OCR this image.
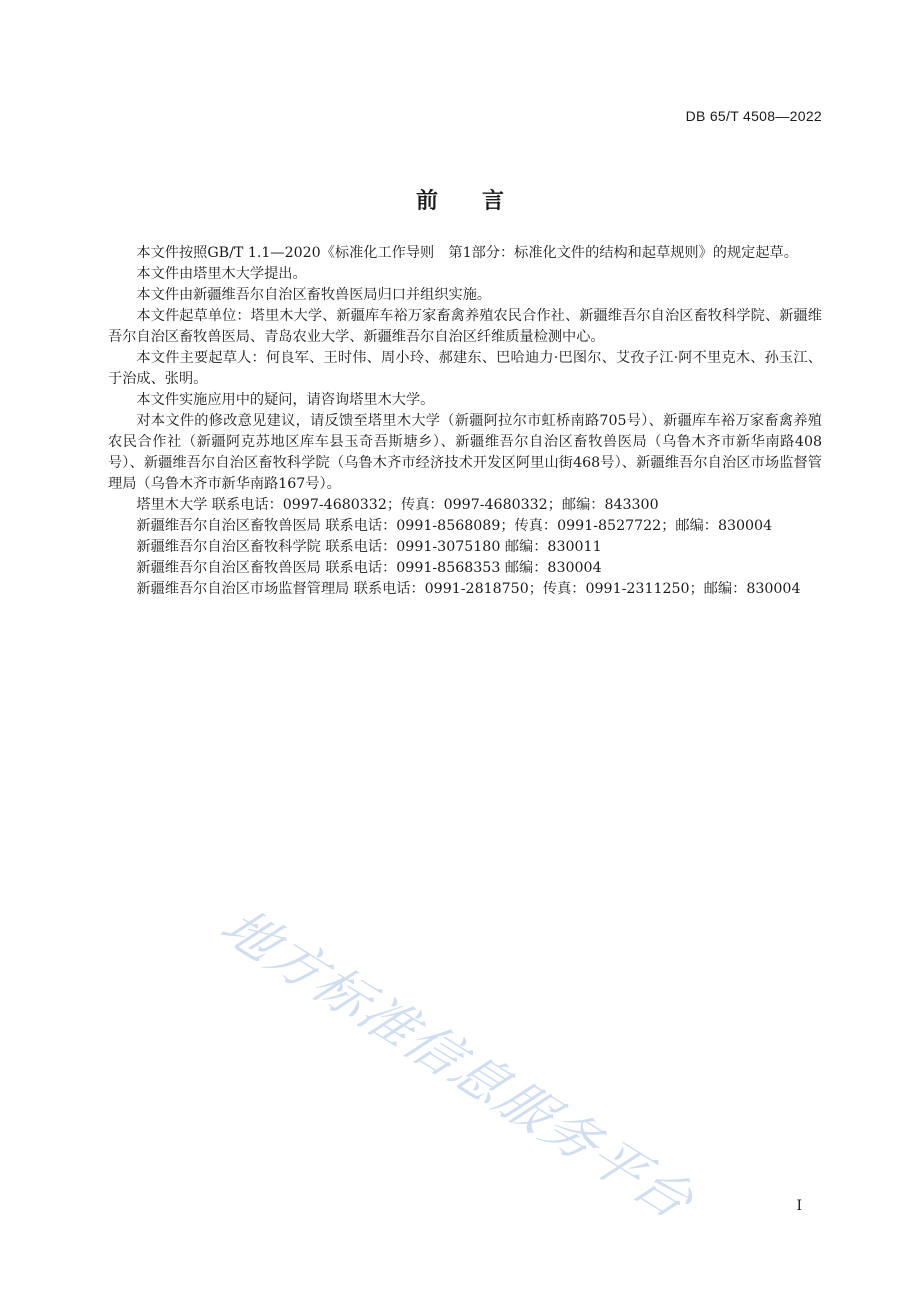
DB 65/T 4508—2022
前言

本文件按照GB/T 1.1—2020《标准化工作导则　第1部分：标准化文件的结构和起草规则》的规定起草。

本文件由塔里木大学提出。

本文件由新疆维吾尔自治区畜牧兽医局归口并组织实施。

本文件起草单位：塔里木大学、新疆库车裕万家畜禽养殖农民合作社、新疆维吾尔自治区畜牧科学院、新疆维吾尔自治区畜牧兽医局、青岛农业大学、新疆维吾尔自治区纤维质量检测中心。

本文件主要起草人：何良军、王时伟、周小玲、郝建东、巴哈迪力·巴图尔、艾孜子江·阿不里克木、孙玉江、于治成、张明。

本文件实施应用中的疑问，请咨询塔里木大学。

对本文件的修改意见建议，请反馈至塔里木大学（新疆阿拉尔市虹桥南路705号）、新疆库车裕万家畜禽养殖农民合作社（新疆阿克苏地区库车县玉奇吾斯塘乡）、新疆维吾尔自治区畜牧兽医局（乌鲁木齐市新华南路408号）、新疆维吾尔自治区畜牧科学院（乌鲁木齐市经济技术开发区阿里山街468号）、新疆维吾尔自治区市场监督管理局（乌鲁木齐市新华南路167号）。

塔里木大学 联系电话：0997-4680332；传真：0997-4680332；邮编：843300

新疆维吾尔自治区畜牧兽医局 联系电话：0991-8568089；传真：0991-8527722；邮编：830004

新疆维吾尔自治区畜牧科学院 联系电话：0991-3075180 邮编：830011

新疆维吾尔自治区畜牧兽医局 联系电话：0991-8568353 邮编：830004

新疆维吾尔自治区市场监督管理局 联系电话：0991-2818750；传真：0991-2311250；邮编：830004

地方标准信息服务平台	I
